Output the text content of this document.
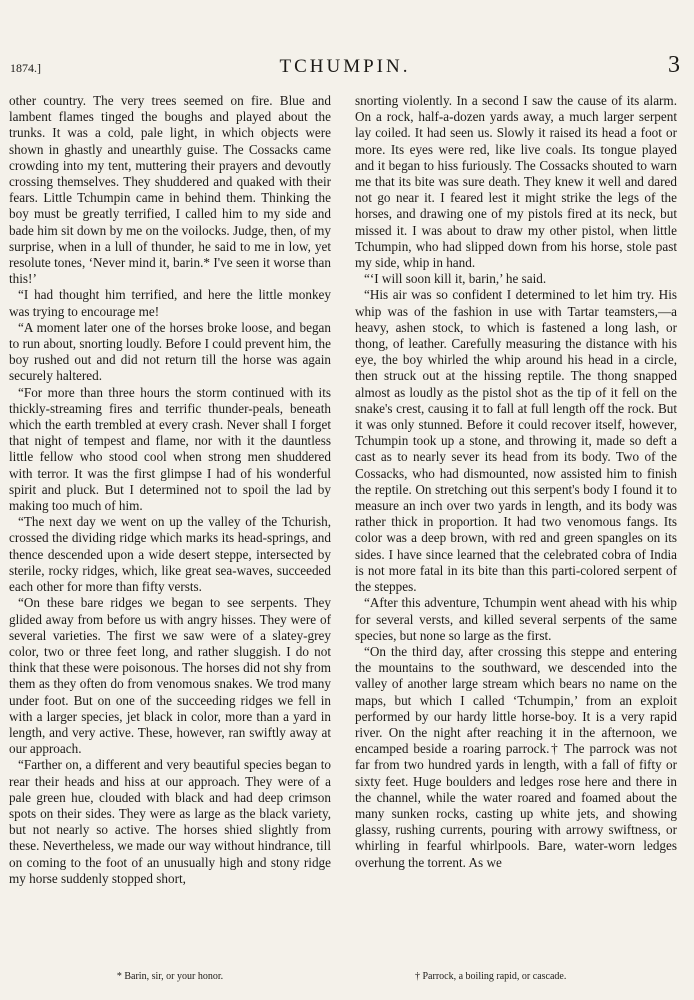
1874.]	TCHUMPIN.	3

other country. The very trees seemed on fire. Blue and lambent flames tinged the boughs and played about the trunks. It was a cold, pale light, in which objects were shown in ghastly and unearthly guise. The Cossacks came crowding into my tent, muttering their prayers and devoutly crossing themselves. They shuddered and quaked with their fears. Little Tchumpin came in behind them. Thinking the boy must be greatly terrified, I called him to my side and bade him sit down by me on the voilocks. Judge, then, of my surprise, when in a lull of thunder, he said to me in low, yet resolute tones, ‘Never mind it, barin.* I've seen it worse than this!’

“I had thought him terrified, and here the little monkey was trying to encourage me!

“A moment later one of the horses broke loose, and began to run about, snorting loudly. Before I could prevent him, the boy rushed out and did not return till the horse was again securely haltered.

“For more than three hours the storm continued with its thickly-streaming fires and terrific thunder-peals, beneath which the earth trembled at every crash. Never shall I forget that night of tempest and flame, nor with it the dauntless little fellow who stood cool when strong men shuddered with terror. It was the first glimpse I had of his wonderful spirit and pluck. But I determined not to spoil the lad by making too much of him.

“The next day we went on up the valley of the Tchurish, crossed the dividing ridge which marks its head-springs, and thence descended upon a wide desert steppe, intersected by sterile, rocky ridges, which, like great sea-waves, succeeded each other for more than fifty versts.

“On these bare ridges we began to see serpents. They glided away from before us with angry hisses. They were of several varieties. The first we saw were of a slatey-grey color, two or three feet long, and rather sluggish. I do not think that these were poisonous. The horses did not shy from them as they often do from venomous snakes. We trod many under foot. But on one of the succeeding ridges we fell in with a larger species, jet black in color, more than a yard in length, and very active. These, however, ran swiftly away at our approach.

“Farther on, a different and very beautiful species began to rear their heads and hiss at our approach. They were of a pale green hue, clouded with black and had deep crimson spots on their sides. They were as large as the black variety, but not nearly so active. The horses shied slightly from these. Nevertheless, we made our way without hindrance, till on coming to the foot of an unusually high and stony ridge my horse suddenly stopped short,

* Barin, sir, or your honor.

snorting violently. In a second I saw the cause of its alarm. On a rock, half-a-dozen yards away, a much larger serpent lay coiled. It had seen us. Slowly it raised its head a foot or more. Its eyes were red, like live coals. Its tongue played and it began to hiss furiously. The Cossacks shouted to warn me that its bite was sure death. They knew it well and dared not go near it. I feared lest it might strike the legs of the horses, and drawing one of my pistols fired at its neck, but missed it. I was about to draw my other pistol, when little Tchumpin, who had slipped down from his horse, stole past my side, whip in hand.

“‘I will soon kill it, barin,’ he said.

“His air was so confident I determined to let him try. His whip was of the fashion in use with Tartar teamsters,—a heavy, ashen stock, to which is fastened a long lash, or thong, of leather. Carefully measuring the distance with his eye, the boy whirled the whip around his head in a circle, then struck out at the hissing reptile. The thong snapped almost as loudly as the pistol shot as the tip of it fell on the snake's crest, causing it to fall at full length off the rock. But it was only stunned. Before it could recover itself, however, Tchumpin took up a stone, and throwing it, made so deft a cast as to nearly sever its head from its body. Two of the Cossacks, who had dismounted, now assisted him to finish the reptile. On stretching out this serpent's body I found it to measure an inch over two yards in length, and its body was rather thick in proportion. It had two venomous fangs. Its color was a deep brown, with red and green spangles on its sides. I have since learned that the celebrated cobra of India is not more fatal in its bite than this parti-colored serpent of the steppes.

“After this adventure, Tchumpin went ahead with his whip for several versts, and killed several serpents of the same species, but none so large as the first.

“On the third day, after crossing this steppe and entering the mountains to the southward, we descended into the valley of another large stream which bears no name on the maps, but which I called ‘Tchumpin,’ from an exploit performed by our hardy little horse-boy. It is a very rapid river. On the night after reaching it in the afternoon, we encamped beside a roaring parrock.† The parrock was not far from two hundred yards in length, with a fall of fifty or sixty feet. Huge boulders and ledges rose here and there in the channel, while the water roared and foamed about the many sunken rocks, casting up white jets, and showing glassy, rushing currents, pouring with arrowy swiftness, or whirling in fearful whirlpools. Bare, water-worn ledges overhung the torrent. As we

† Parrock, a boiling rapid, or cascade.
